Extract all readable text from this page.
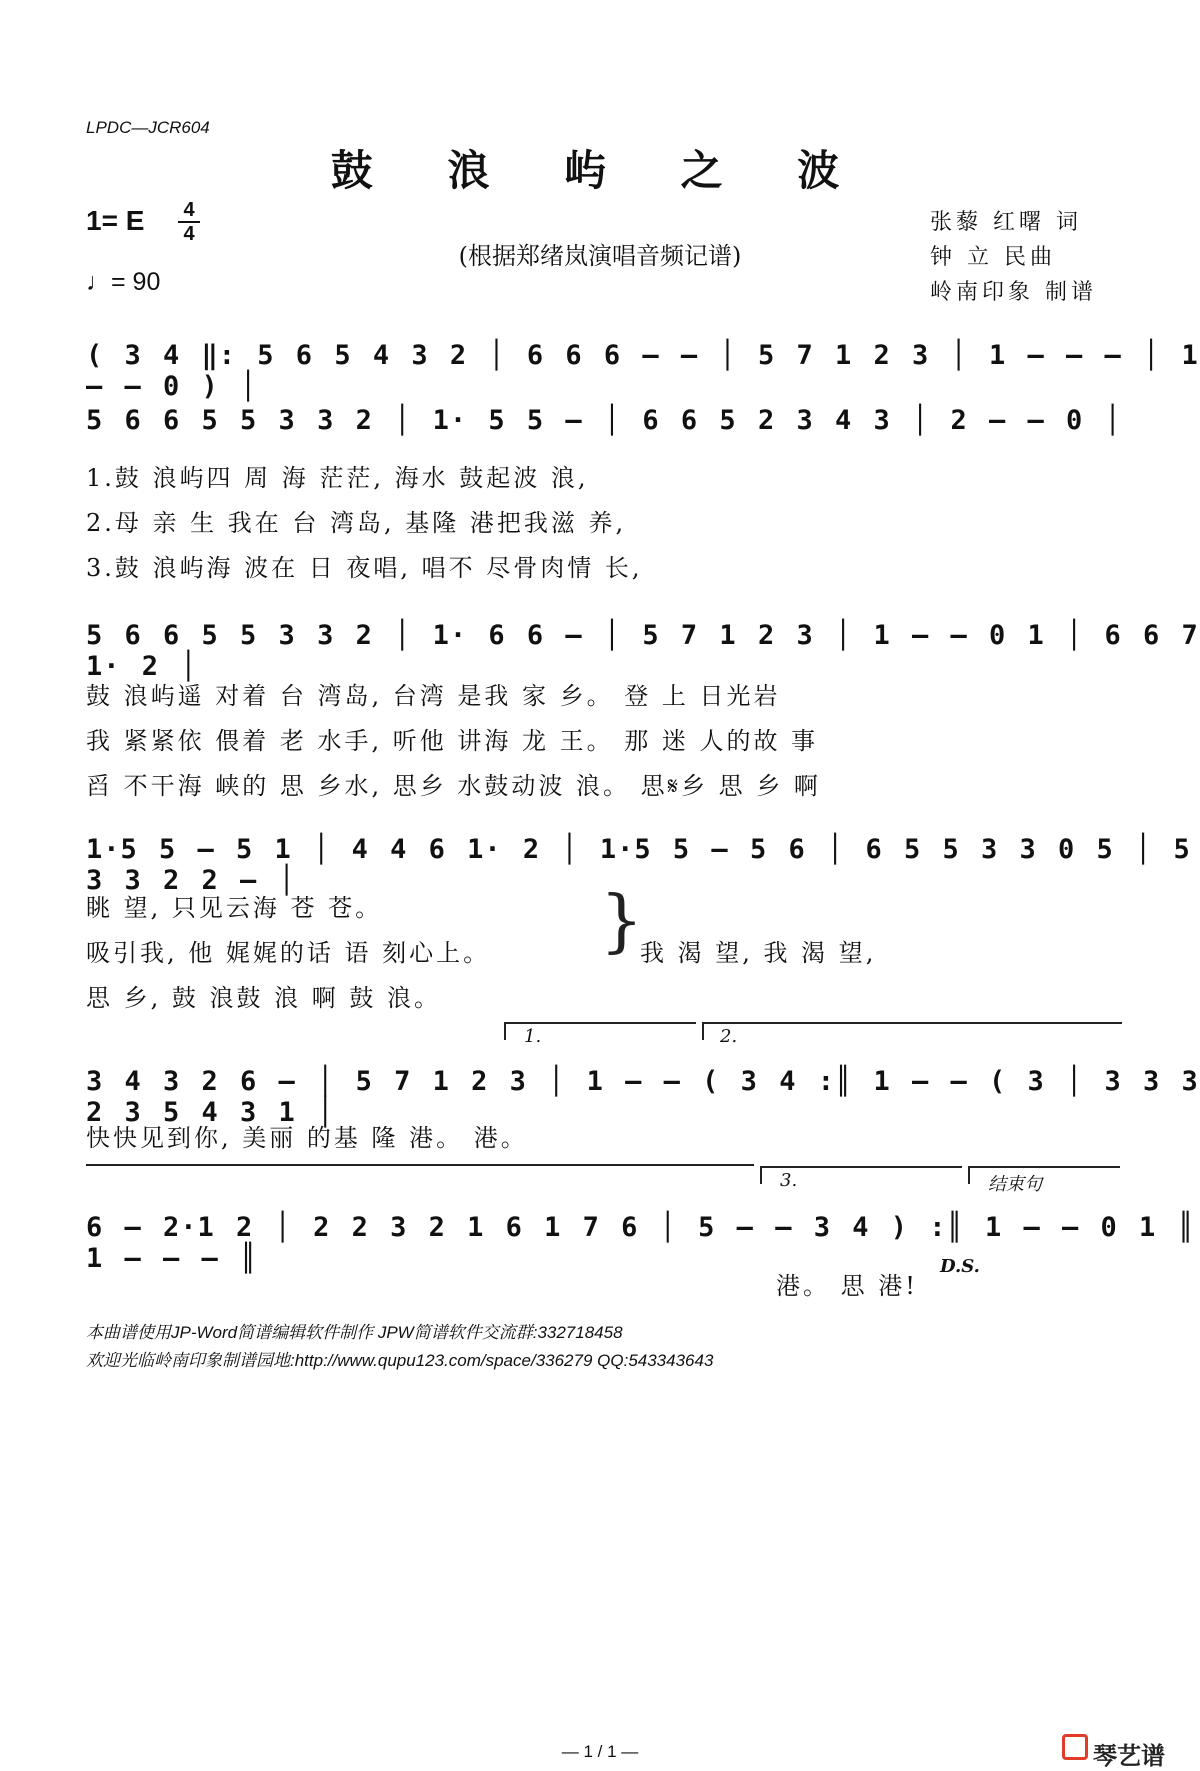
LPDC—JCR604
鼓 浪 屿 之 波
1= E 4
4
♩= 90
(根据郑绪岚演唱音频记谱)
张藜 红曙 词
钟 立 民曲
岭南印象 制谱
( 3 4 ‖: 5 6 5 4 3 2 │ 6 6 6 – – │ 5 7 1 2 3 │ 1 – – – │ 1 – – 0 ) │
5 6 6 5 5 3 3 2 │ 1· 5 5 – │ 6 6 5 2 3 4 3 │ 2 – – 0 │
1.鼓 浪屿四 周 海 茫茫, 海水 鼓起波 浪,
2.母 亲 生 我在 台 湾岛, 基隆 港把我滋 养,
3.鼓 浪屿海 波在 日 夜唱, 唱不 尽骨肉情 长,
5 6 6 5 5 3 3 2 │ 1· 6 6 – │ 5 7 1 2 3 │ 1 – – 0 1 │ 6 6 7 1· 2 │
鼓 浪屿遥 对着 台 湾岛, 台湾 是我 家 乡。 登 上 日光岩
我 紧紧依 偎着 老 水手, 听他 讲海 龙 王。 那 迷 人的故 事
舀 不干海 峡的 思 乡水, 思乡 水鼓动波 浪。 思𝄋乡 思 乡 啊
1·5 5 – 5 1 │ 4 4 6 1· 2 │ 1·5 5 – 5 6 │ 6 5 5 3 3 0 5 │ 5 3 3 2 2 – │
眺 望, 只见云海 苍 苍。
吸引我, 他 娓娓的话 语 刻心上。
思 乡, 鼓 浪鼓 浪 啊 鼓 浪。
}
我 渴 望, 我 渴 望,
1.	2.
3 4 3 2 6 – │ 5 7 1 2 3 │ 1 – – ( 3 4 :║ 1 – – ( 3 │ 3 3 3 2 3 5 4 3 1 │
快快见到你, 美丽 的基 隆 港。 港。
3.	结束句
6 – 2·1 2 │ 2 2 3 2 1 6 1 7 6 │ 5 – – 3 4 ) :║ 1 – – 0 1 ║ 1 – – – ║
港。 思 港!
D.S.
本曲谱使用JP-Word简谱编辑软件制作 JPW简谱软件交流群:332718458
欢迎光临岭南印象制谱园地:http://www.qupu123.com/space/336279 QQ:543343643
— 1 / 1 —	琴艺谱
